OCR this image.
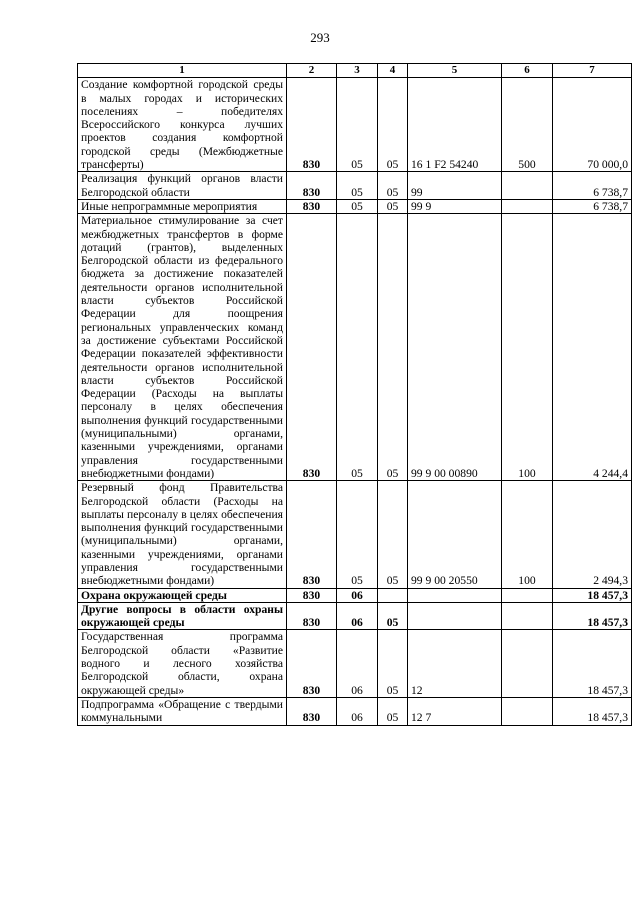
293
1	2	3	4	5	6	7
Создание комфортной городской среды в малых городах и исторических поселениях – победителях Всероссийского конкурса лучших проектов создания комфортной городской среды (Межбюджетные трансферты)	830	05	05	16 1 F2 54240	500	70 000,0
Реализация функций органов власти Белгородской области	830	05	05	99		6 738,7
Иные непрограммные мероприятия	830	05	05	99 9		6 738,7
Материальное стимулирование за счет межбюджетных трансфертов в форме дотаций (грантов), выделенных Белгородской области из федерального бюджета за достижение показателей деятельности органов исполнительной власти субъектов Российской Федерации для поощрения региональных управленческих команд за достижение субъектами Российской Федерации показателей эффективности деятельности органов исполнительной власти субъектов Российской Федерации (Расходы на выплаты персоналу в целях обеспечения выполнения функций государственными (муниципальными) органами, казенными учреждениями, органами управления государственными внебюджетными фондами)	830	05	05	99 9 00 00890	100	4 244,4
Резервный фонд Правительства Белгородской области (Расходы на выплаты персоналу в целях обеспечения выполнения функций государственными (муниципальными) органами, казенными учреждениями, органами управления государственными внебюджетными фондами)	830	05	05	99 9 00 20550	100	2 494,3
Охрана окружающей среды	830	06				18 457,3
Другие вопросы в области охраны окружающей среды	830	06	05			18 457,3
Государственная программа Белгородской области «Развитие водного и лесного хозяйства Белгородской области, охрана окружающей среды»	830	06	05	12		18 457,3
Подпрограмма «Обращение с твердыми коммунальными	830	06	05	12 7		18 457,3
